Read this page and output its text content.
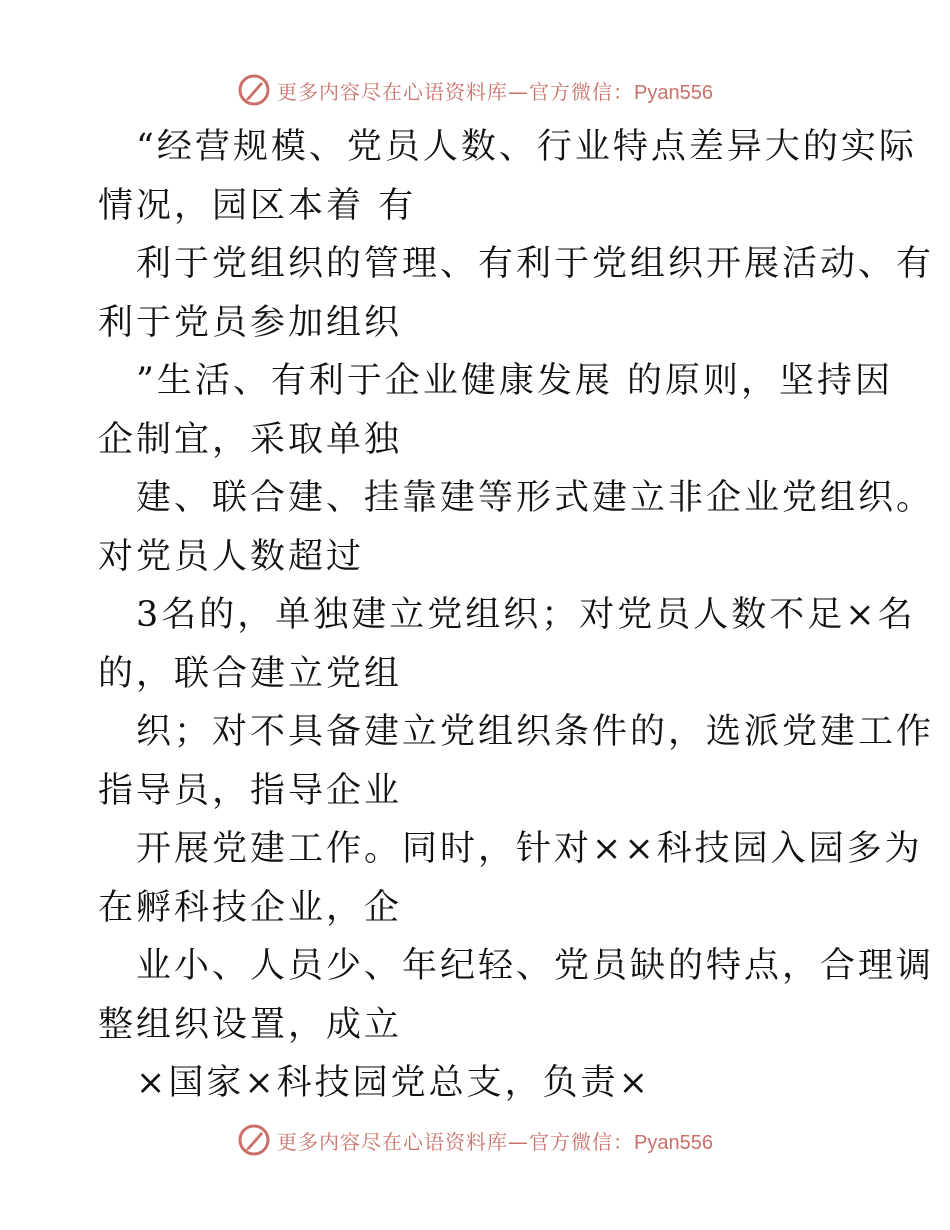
更多内容尽在心语资料库—官方微信：Pyan556
“经营规模、党员人数、行业特点差异大的实际
情况，园区本着 有
利于党组织的管理、有利于党组织开展活动、有
利于党员参加组织
”生活、有利于企业健康发展 的原则，坚持因
企制宜，采取单独
建、联合建、挂靠建等形式建立非企业党组织。
对党员人数超过
3名的，单独建立党组织；对党员人数不足×名
的，联合建立党组
织；对不具备建立党组织条件的，选派党建工作
指导员，指导企业
开展党建工作。同时，针对××科技园入园多为
在孵科技企业，企
业小、人员少、年纪轻、党员缺的特点，合理调
整组织设置，成立
×国家×科技园党总支，负责×
更多内容尽在心语资料库—官方微信：Pyan556
